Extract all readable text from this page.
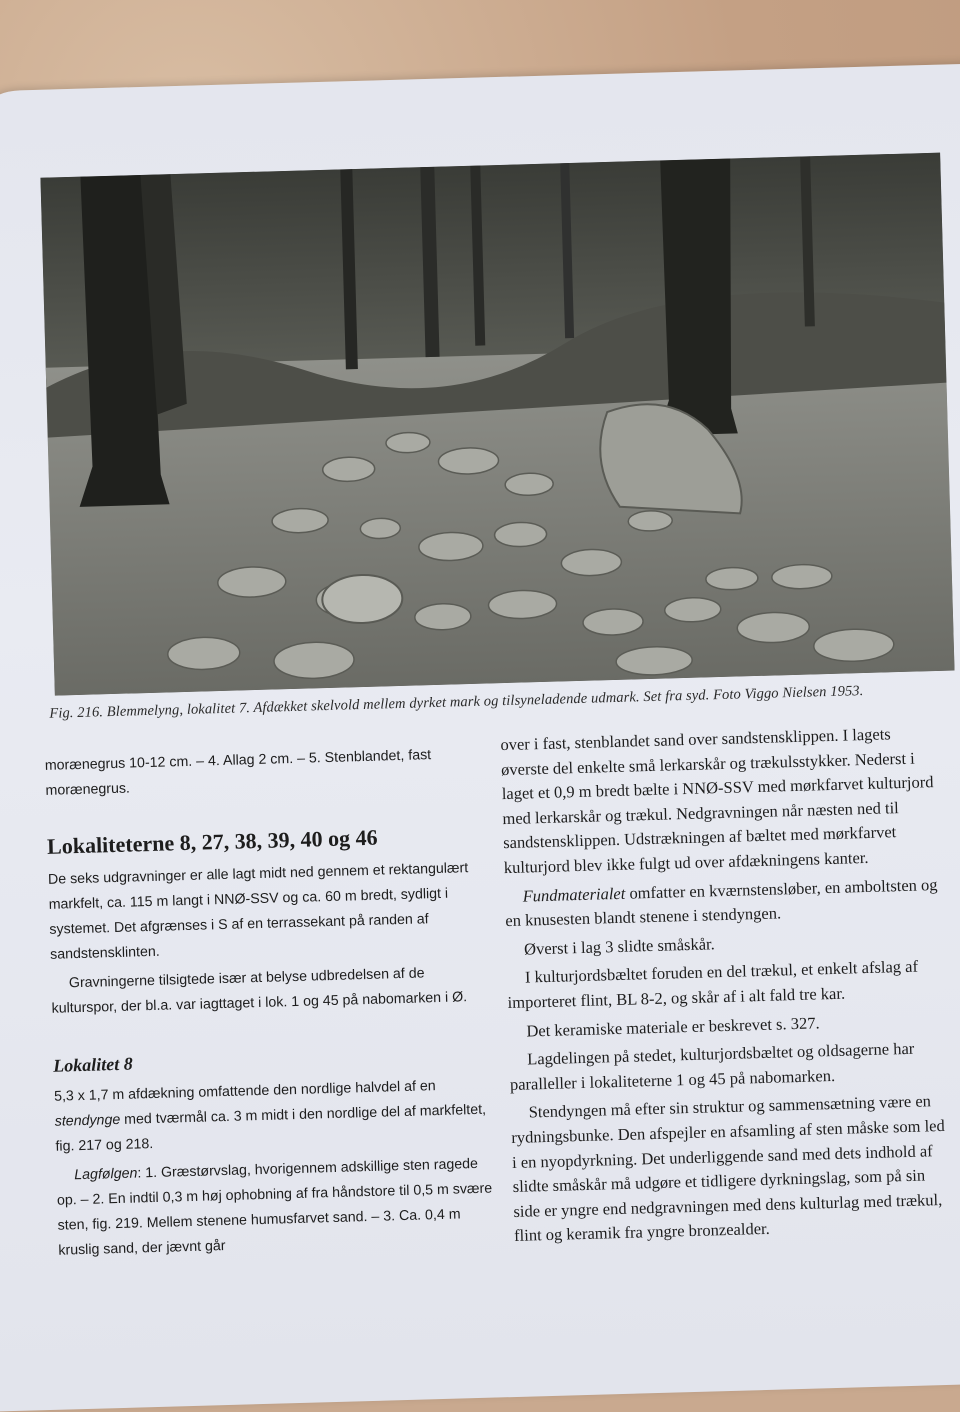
Fig. 216. Blemmelyng, lokalitet 7. Afdækket skelvold mellem dyrket mark og tilsyneladende udmark. Set fra syd. Foto Viggo Nielsen 1953.

morænegrus 10-12 cm. – 4. Allag 2 cm. – 5. Stenblandet, fast

morænegrus.

Lokaliteterne 8, 27, 38, 39, 40 og 46

De seks udgravninger er alle lagt midt ned gennem et rektangulært markfelt, ca. 115 m langt i NNØ-SSV og ca. 60 m bredt, sydligt i systemet. Det afgrænses i S af en terrassekant på randen af sandstensklinten.

Gravningerne tilsigtede især at belyse udbredelsen af de kulturspor, der bl.a. var iagttaget i lok. 1 og 45 på nabomarken i Ø.

Lokalitet 8

5,3 x 1,7 m afdækning omfattende den nordlige halvdel af en stendynge med tværmål ca. 3 m midt i den nordlige del af markfeltet, fig. 217 og 218.

Lagfølgen: 1. Græstørvslag, hvorigennem adskillige sten ragede op. – 2. En indtil 0,3 m høj ophobning af fra håndstore til 0,5 m svære sten, fig. 219. Mellem stenene humusfarvet sand. – 3. Ca. 0,4 m kruslig sand, der jævnt går

over i fast, stenblandet sand over sandstensklippen. I lagets øverste del enkelte små lerkarskår og trækulsstykker. Nederst i laget et 0,9 m bredt bælte i NNØ-SSV med mørkfarvet kulturjord med lerkarskår og trækul. Nedgravningen når næsten ned til sandstensklippen. Udstrækningen af bæltet med mørkfarvet kulturjord blev ikke fulgt ud over afdækningens kanter.

Fundmaterialet omfatter en kværnstensløber, en amboltsten og en knusesten blandt stenene i stendyngen.

Øverst i lag 3 slidte småskår.

I kulturjordsbæltet foruden en del trækul, et enkelt afslag af importeret flint, BL 8-2, og skår af i alt fald tre kar.

Det keramiske materiale er beskrevet s. 327.

Lagdelingen på stedet, kulturjordsbæltet og oldsagerne har paralleller i lokaliteterne 1 og 45 på nabomarken.

Stendyngen må efter sin struktur og sammensætning være en rydningsbunke. Den afspejler en afsamling af sten måske som led i en nyopdyrkning. Det underliggende sand med dets indhold af slidte småskår må udgøre et tidligere dyrkningslag, som på sin side er yngre end nedgravningen med dens kulturlag med trækul, flint og keramik fra yngre bronzealder.
